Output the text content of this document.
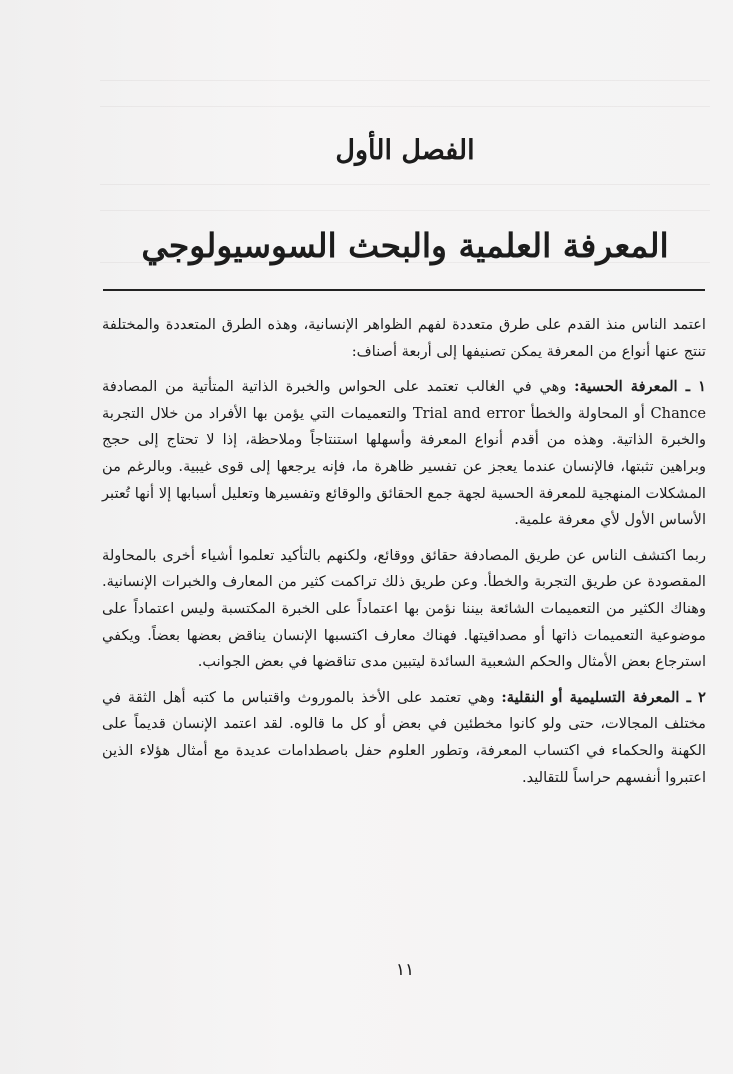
الفصل الأول
المعرفة العلمية والبحث السوسيولوجي

اعتمد الناس منذ القدم على طرق متعددة لفهم الظواهر الإنسانية، وهذه الطرق المتعددة والمختلفة تنتج عنها أنواع من المعرفة يمكن تصنيفها إلى أربعة أصناف:

١ ـ المعرفة الحسية: وهي في الغالب تعتمد على الحواس والخبرة الذاتية المتأتية من المصادفة Chance أو المحاولة والخطأ Trial and error والتعميمات التي يؤمن بها الأفراد من خلال التجربة والخبرة الذاتية. وهذه من أقدم أنواع المعرفة وأسهلها استنتاجاً وملاحظة، إذا لا تحتاج إلى حجج وبراهين تثبتها، فالإنسان عندما يعجز عن تفسير ظاهرة ما، فإنه يرجعها إلى قوى غيبية. وبالرغم من المشكلات المنهجية للمعرفة الحسية لجهة جمع الحقائق والوقائع وتفسيرها وتعليل أسبابها إلا أنها تُعتبر الأساس الأول لأي معرفة علمية.

ربما اكتشف الناس عن طريق المصادفة حقائق ووقائع، ولكنهم بالتأكيد تعلموا أشياء أخرى بالمحاولة المقصودة عن طريق التجربة والخطأ. وعن طريق ذلك تراكمت كثير من المعارف والخبرات الإنسانية. وهناك الكثير من التعميمات الشائعة بيننا نؤمن بها اعتماداً على الخبرة المكتسبة وليس اعتماداً على موضوعية التعميمات ذاتها أو مصداقيتها. فهناك معارف اكتسبها الإنسان يناقض بعضها بعضاً. ويكفي استرجاع بعض الأمثال والحكم الشعبية السائدة ليتبين مدى تناقضها في بعض الجوانب.

٢ ـ المعرفة التسليمية أو النقلية: وهي تعتمد على الأخذ بالموروث واقتباس ما كتبه أهل الثقة في مختلف المجالات، حتى ولو كانوا مخطئين في بعض أو كل ما قالوه. لقد اعتمد الإنسان قديماً على الكهنة والحكماء في اكتساب المعرفة، وتطور العلوم حفل باصطدامات عديدة مع أمثال هؤلاء الذين اعتبروا أنفسهم حراساً للتقاليد.

١١
